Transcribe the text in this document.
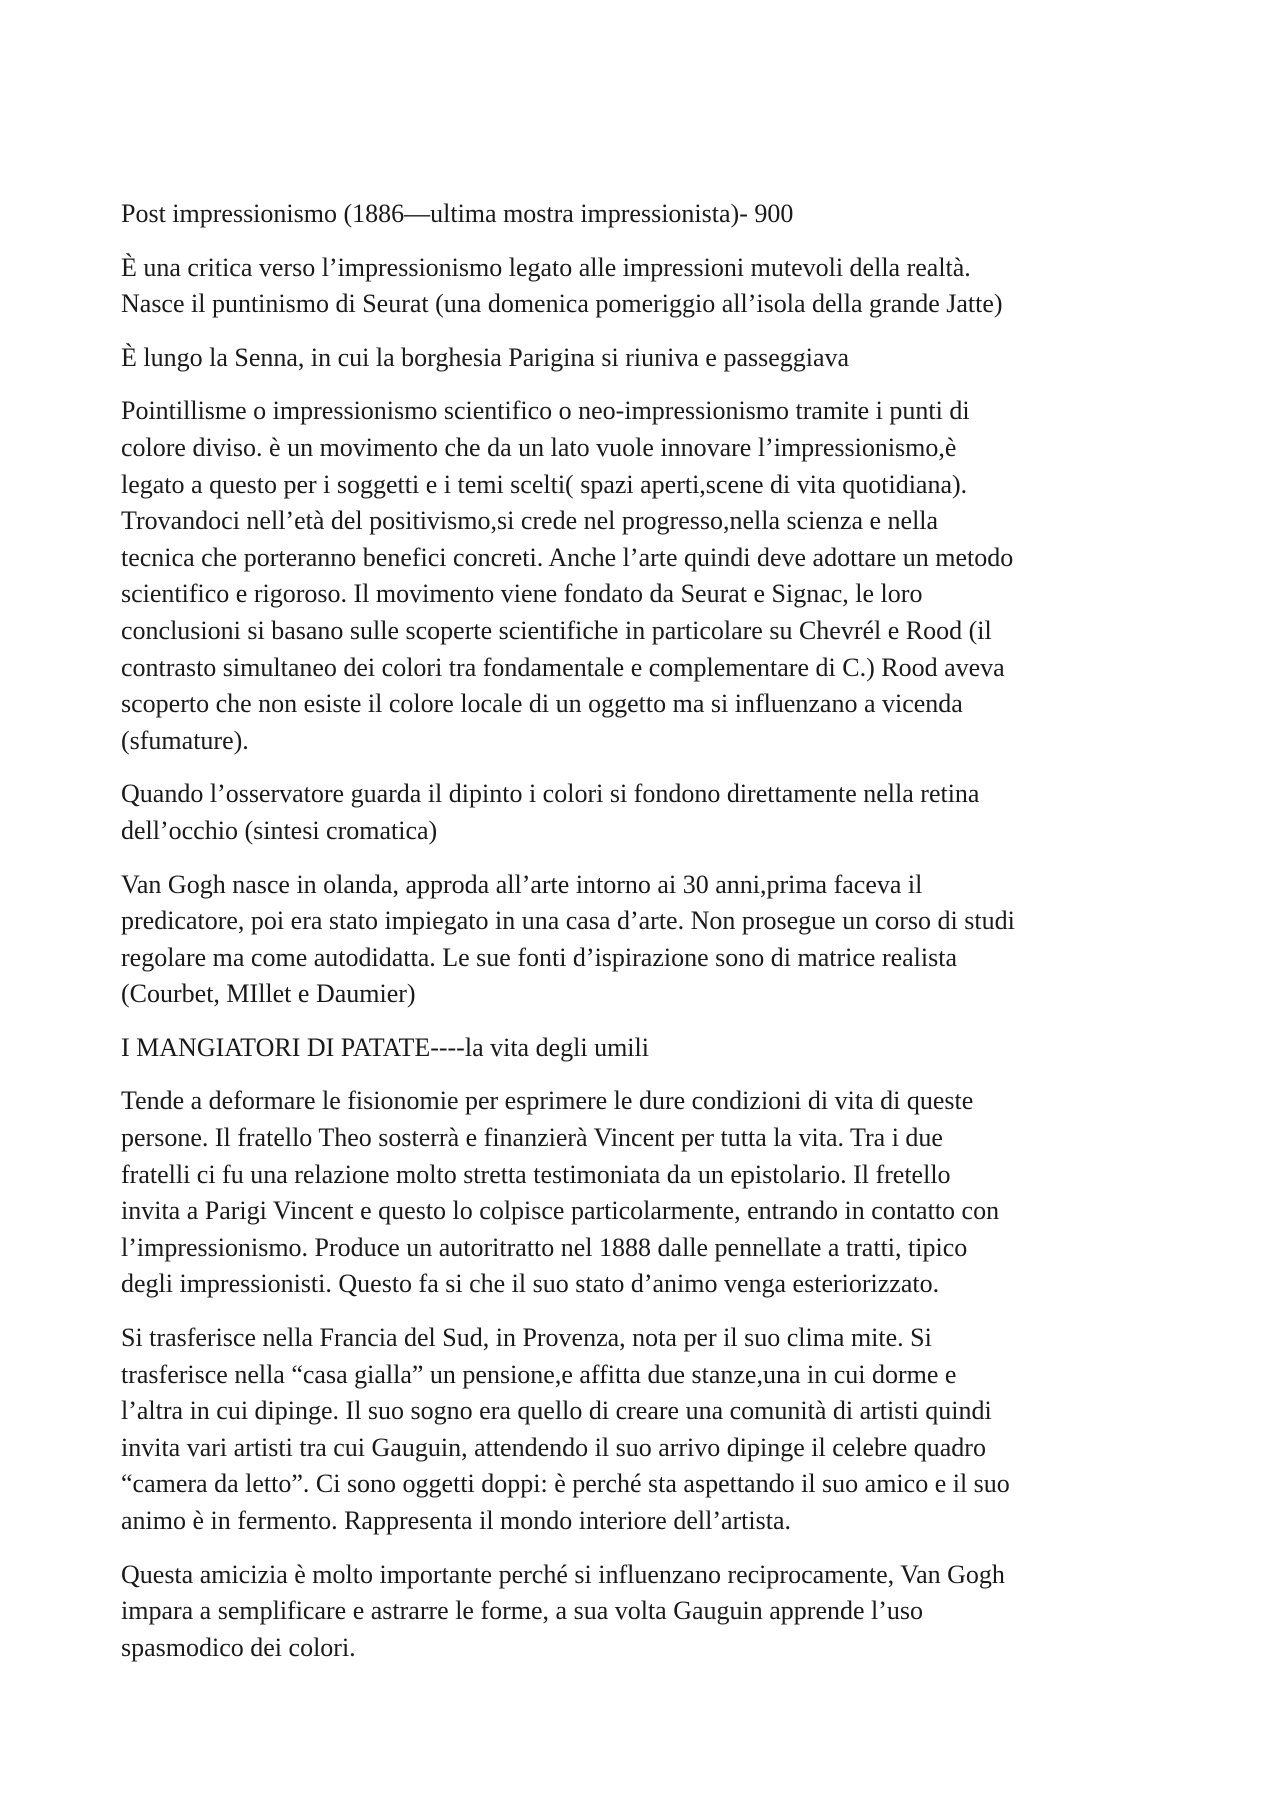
Post impressionismo (1886—ultima mostra impressionista)- 900

È una critica verso l’impressionismo legato alle impressioni mutevoli della realtà.
Nasce il puntinismo di Seurat (una domenica pomeriggio all’isola della grande Jatte)

È lungo la Senna, in cui la borghesia Parigina si riuniva e passeggiava

Pointillisme o impressionismo scientifico o neo-impressionismo tramite i punti di
colore diviso. è un movimento che da un lato vuole innovare l’impressionismo,è
legato a questo per i soggetti e i temi scelti( spazi aperti,scene di vita quotidiana).
Trovandoci nell’età del positivismo,si crede nel progresso,nella scienza e nella
tecnica che porteranno benefici concreti. Anche l’arte quindi deve adottare un metodo
scientifico e rigoroso. Il movimento viene fondato da Seurat e Signac, le loro
conclusioni si basano sulle scoperte scientifiche in particolare su Chevrél e Rood (il
contrasto simultaneo dei colori tra fondamentale e complementare di C.) Rood aveva
scoperto che non esiste il colore locale di un oggetto ma si influenzano a vicenda
(sfumature).

Quando l’osservatore guarda il dipinto i colori si fondono direttamente nella retina
dell’occhio (sintesi cromatica)

Van Gogh nasce in olanda, approda all’arte intorno ai 30 anni,prima faceva il
predicatore, poi era stato impiegato in una casa d’arte. Non prosegue un corso di studi
regolare ma come autodidatta. Le sue fonti d’ispirazione sono di matrice realista
(Courbet, MIllet e Daumier)

I MANGIATORI DI PATATE----la vita degli umili

Tende a deformare le fisionomie per esprimere le dure condizioni di vita di queste
persone. Il fratello Theo sosterrà e finanzierà Vincent per tutta la vita. Tra i due
fratelli ci fu una relazione molto stretta testimoniata da un epistolario. Il fretello
invita a Parigi Vincent e questo lo colpisce particolarmente, entrando in contatto con
l’impressionismo. Produce un autoritratto nel 1888 dalle pennellate a tratti, tipico
degli impressionisti. Questo fa si che il suo stato d’animo venga esteriorizzato.

Si trasferisce nella Francia del Sud, in Provenza, nota per il suo clima mite. Si
trasferisce nella “casa gialla” un pensione,e affitta due stanze,una in cui dorme e
l’altra in cui dipinge. Il suo sogno era quello di creare una comunità di artisti quindi
invita vari artisti tra cui Gauguin, attendendo il suo arrivo dipinge il celebre quadro
“camera da letto”. Ci sono oggetti doppi: è perché sta aspettando il suo amico e il suo
animo è in fermento. Rappresenta il mondo interiore dell’artista.

Questa amicizia è molto importante perché si influenzano reciprocamente, Van Gogh
impara a semplificare e astrarre le forme, a sua volta Gauguin apprende l’uso
spasmodico dei colori.
